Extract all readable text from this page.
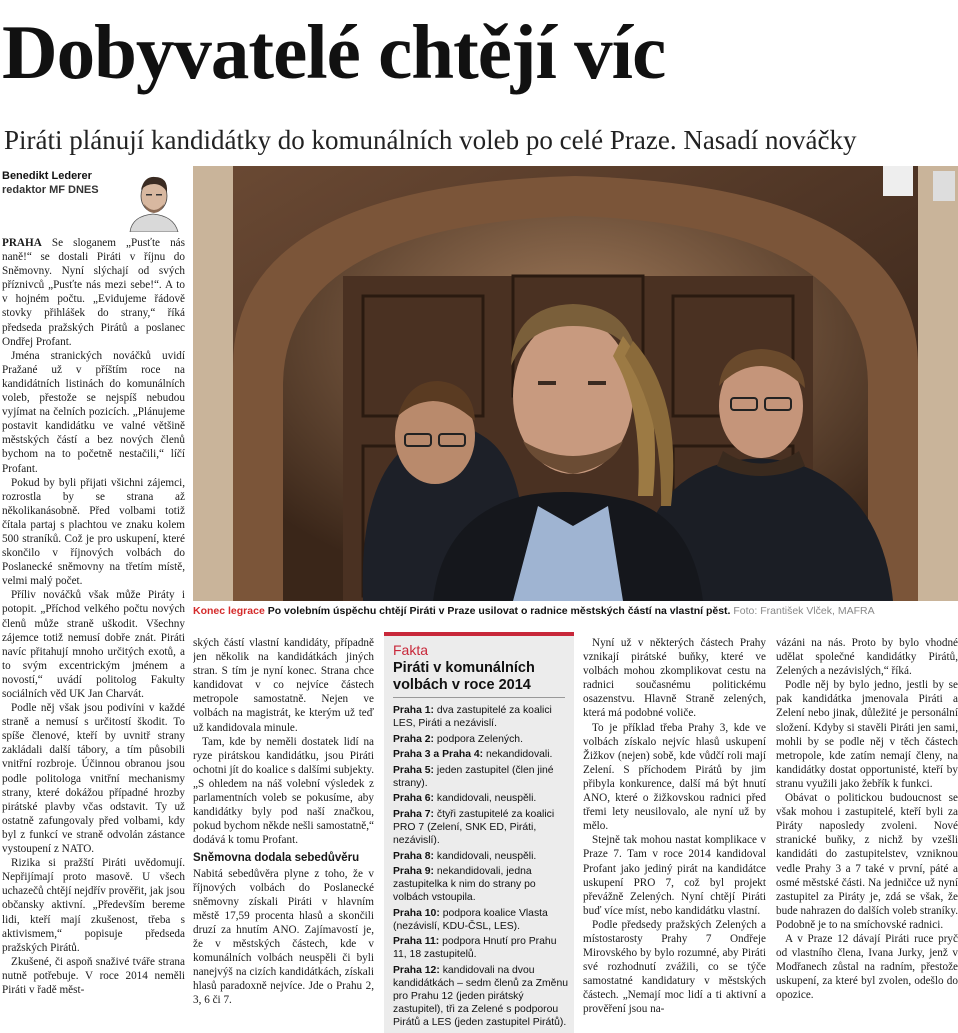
Dobyvatelé chtějí víc
Piráti plánují kandidátky do komunálních voleb po celé Praze. Nasadí nováčky
Benedikt Lederer
redaktor MF DNES

PRAHA Se sloganem „Pusťte nás naně!“ se dostali Piráti v říjnu do Sněmovny. Nyní slýchají od svých příznivců „Pusťte nás mezi sebe!“. A to v hojném počtu. „Evidujeme řádově stovky přihlášek do strany,“ říká předseda pražských Pirátů a poslanec Ondřej Profant.

Jména stranických nováčků uvidí Pražané už v příštím roce na kandidátních listinách do komunálních voleb, přestože se nejspíš nebudou vyjímat na čelních pozicích. „Plánujeme postavit kandidátku ve valné většině městských částí a bez nových členů bychom na to početně nestačili,“ líčí Profant.

Pokud by byli přijati všichni zájemci, rozrostla by se strana až několikanásobně. Před volbami totiž čítala partaj s plachtou ve znaku kolem 500 straníků. Což je pro uskupení, které skončilo v říjnových volbách do Poslanecké sněmovny na třetím místě, velmi malý počet.

Příliv nováčků však může Piráty i potopit. „Příchod velkého počtu nových členů může straně uškodit. Všechny zájemce totiž nemusí dobře znát. Piráti navíc přitahují mnoho určitých exotů, a to svým excentrickým jménem a novostí,“ uvádí politolog Fakulty sociálních věd UK Jan Charvát.

Podle něj však jsou podivíni v každé straně a nemusí s určitostí škodit. To spíše členové, kteří by uvnitř strany zakládali další tábory, a tím působili vnitřní rozbroje. Účinnou obranou jsou podle politologa vnitřní mechanismy strany, které dokážou případné hrozby pirátské plavby včas odstavit. Ty už ostatně zafungovaly před volbami, kdy byl z funkcí ve straně odvolán zástance vystoupení z NATO.

Rizika si pražští Piráti uvědomují. Nepřijímají proto masově. U všech uchazečů chtějí nejdřív prověřit, jak jsou občansky aktivní. „Především bereme lidi, kteří mají zkušenost, třeba s aktivismem,“ popisuje předseda pražských Pirátů.

Zkušené, či aspoň snaživé tváře strana nutně potřebuje. V roce 2014 neměli Piráti v řadě měst-

Konec legrace Po volebním úspěchu chtějí Piráti v Praze usilovat o radnice městských částí na vlastní pěst. Foto: František Vlček, MAFRA

ských částí vlastní kandidáty, případně jen několik na kandidátkách jiných stran. S tím je nyní konec. Strana chce kandidovat v co nejvíce částech metropole samostatně. Nejen ve volbách na magistrát, ke kterým už teď už kandidovala minule.

Tam, kde by neměli dostatek lidí na ryze pirátskou kandidátku, jsou Piráti ochotni jít do koalice s dalšími subjekty. „S ohledem na náš volební výsledek z parlamentních voleb se pokusíme, aby kandidátky byly pod naší značkou, pokud bychom někde nešli samostatně,“ dodává k tomu Profant.

Sněmovna dodala sebedůvěru

Nabitá sebedůvěra plyne z toho, že v říjnových volbách do Poslanecké sněmovny získali Piráti v hlavním městě 17,59 procenta hlasů a skončili druzí za hnutím ANO. Zajímavostí je, že v městských částech, kde v komunálních volbách neuspěli či byli nanejvýš na cizích kandidátkách, získali hlasů paradoxně nejvíce. Jde o Prahu 2, 3, 6 či 7.

Fakta
Piráti v komunálních volbách v roce 2014
Praha 1: dva zastupitelé za koalici LES, Piráti a nezávislí.
Praha 2: podpora Zelených.
Praha 3 a Praha 4: nekandidovali.
Praha 5: jeden zastupitel (člen jiné strany).
Praha 6: kandidovali, neuspěli.
Praha 7: čtyři zastupitelé za koalici PRO 7 (Zelení, SNK ED, Piráti, nezávislí).
Praha 8: kandidovali, neuspěli.
Praha 9: nekandidovali, jedna zastupitelka k nim do strany po volbách vstoupila.
Praha 10: podpora koalice Vlasta (nezávislí, KDU-ČSL, LES).
Praha 11: podpora Hnutí pro Prahu 11, 18 zastupitelů.
Praha 12: kandidovali na dvou kandidátkách – sedm členů za Změnu pro Prahu 12 (jeden pirátský zastupitel), tři za Zelené s podporou Pirátů a LES (jeden zastupitel Pirátů).

Nyní už v některých částech Prahy vznikají pirátské buňky, které ve volbách mohou zkomplikovat cestu na radnici současnému politickému osazenstvu. Hlavně Straně zelených, která má podobné voliče.

To je příklad třeba Prahy 3, kde ve volbách získalo nejvíc hlasů uskupení Žižkov (nejen) sobě, kde vůdčí roli mají Zelení. S příchodem Pirátů by jim přibyla konkurence, další má být hnutí ANO, které o žižkovskou radnici před třemi lety neusilovalo, ale nyní už by mělo.

Stejně tak mohou nastat komplikace v Praze 7. Tam v roce 2014 kandidoval Profant jako jediný pirát na kandidátce uskupení PRO 7, což byl projekt převážně Zelených. Nyní chtějí Piráti buď více míst, nebo kandidátku vlastní.

Podle předsedy pražských Zelených a místostarosty Prahy 7 Ondřeje Mirovského by bylo rozumné, aby Piráti své rozhodnutí zvážili, co se týče samostatné kandidatury v městských částech. „Nemají moc lidí a ti aktivní a prověření jsou na-

vázáni na nás. Proto by bylo vhodné udělat společné kandidátky Pirátů, Zelených a nezávislých,“ říká.

Podle něj by bylo jedno, jestli by se pak kandidátka jmenovala Piráti a Zelení nebo jinak, důležité je personální složení. Kdyby si stavěli Piráti jen sami, mohli by se podle něj v těch částech metropole, kde zatím nemají členy, na kandidátky dostat opportunisté, kteří by stranu využili jako žebřík k funkci.

Obávat o politickou budoucnost se však mohou i zastupitelé, kteří byli za Piráty naposledy zvoleni. Nové stranické buňky, z nichž by vzešli kandidáti do zastupitelstev, vzniknou vedle Prahy 3 a 7 také v první, páté a osmé městské části. Na jedničce už nyní zastupitel za Piráty je, zdá se však, že bude nahrazen do dalších voleb straníky. Podobně je to na smíchovské radnici.

A v Praze 12 dávají Piráti ruce pryč od vlastního člena, Ivana Jurky, jenž v Modřanech zůstal na radním, přestože uskupení, za které byl zvolen, odešlo do opozice.
